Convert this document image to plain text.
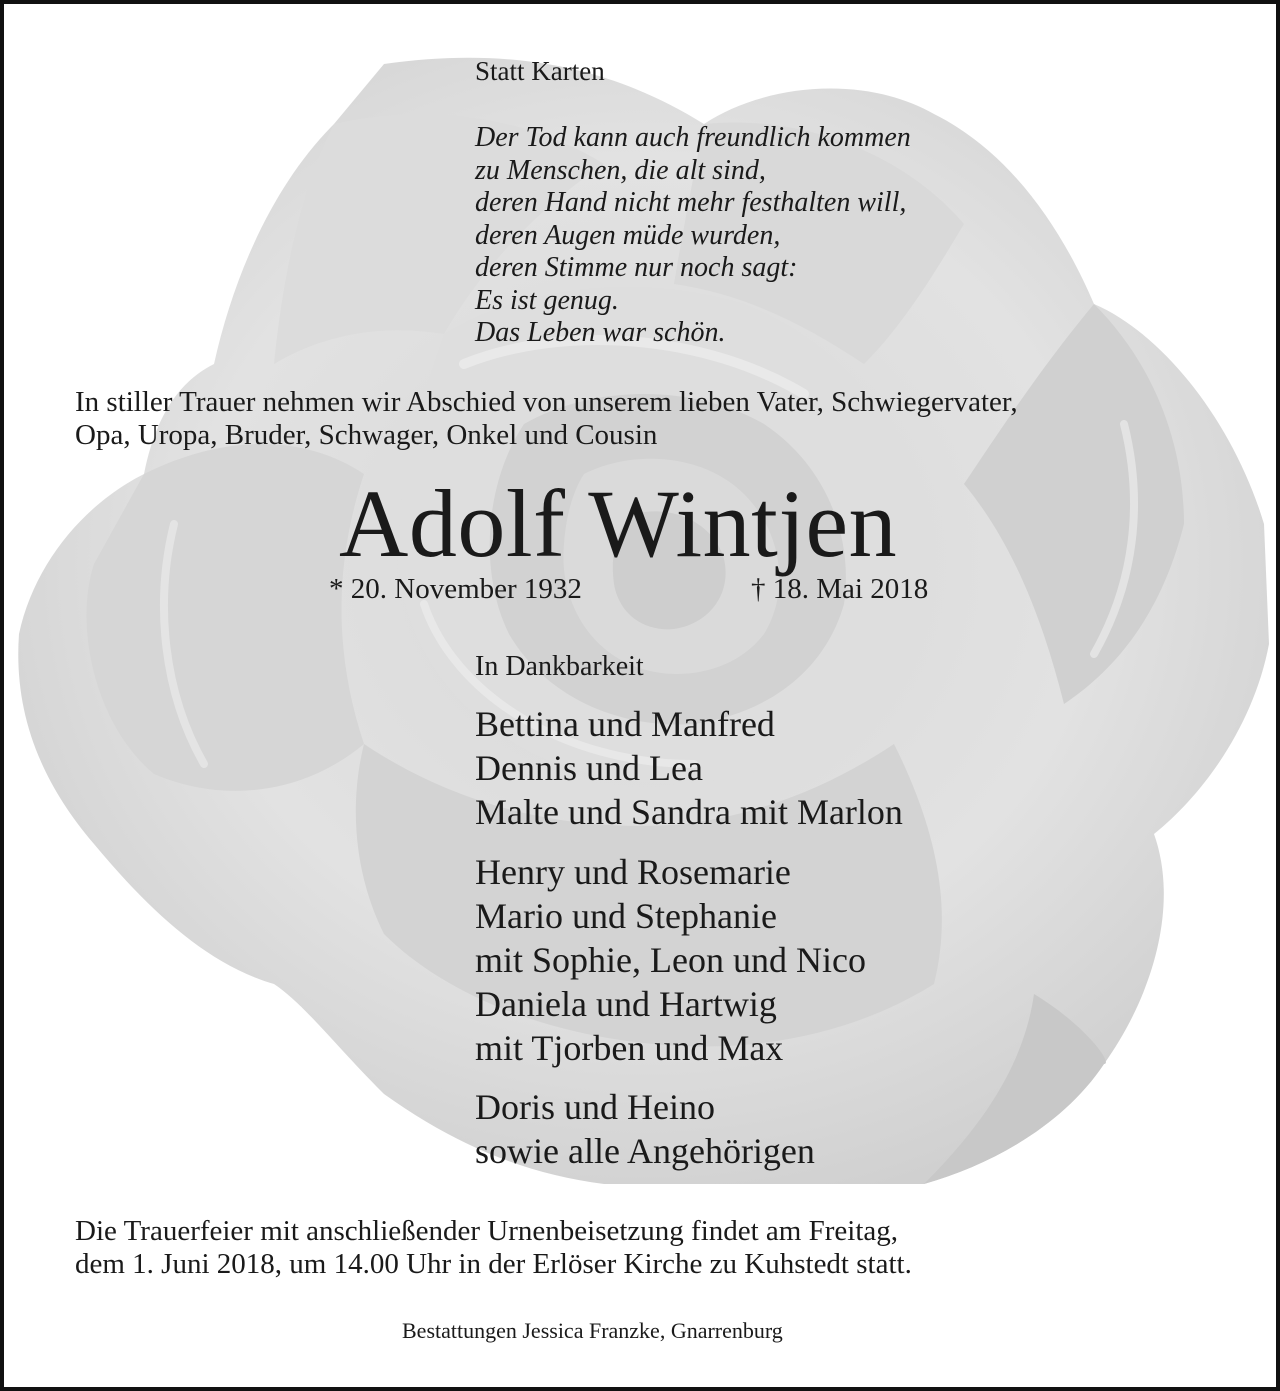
Statt Karten
Der Tod kann auch freundlich kommen
zu Menschen, die alt sind,
deren Hand nicht mehr festhalten will,
deren Augen müde wurden,
deren Stimme nur noch sagt:
Es ist genug.
Das Leben war schön.
In stiller Trauer nehmen wir Abschied von unserem lieben Vater, Schwiegervater,
Opa, Uropa, Bruder, Schwager, Onkel und Cousin
Adolf Wintjen
* 20. November 1932	† 18. Mai 2018
In Dankbarkeit
Bettina und Manfred
Dennis und Lea
Malte und Sandra mit Marlon
Henry und Rosemarie
Mario und Stephanie
mit Sophie, Leon und Nico
Daniela und Hartwig
mit Tjorben und Max
Doris und Heino
sowie alle Angehörigen
Die Trauerfeier mit anschließender Urnenbeisetzung findet am Freitag,
dem 1. Juni 2018, um 14.00 Uhr in der Erlöser Kirche zu Kuhstedt statt.
Bestattungen Jessica Franzke, Gnarrenburg
